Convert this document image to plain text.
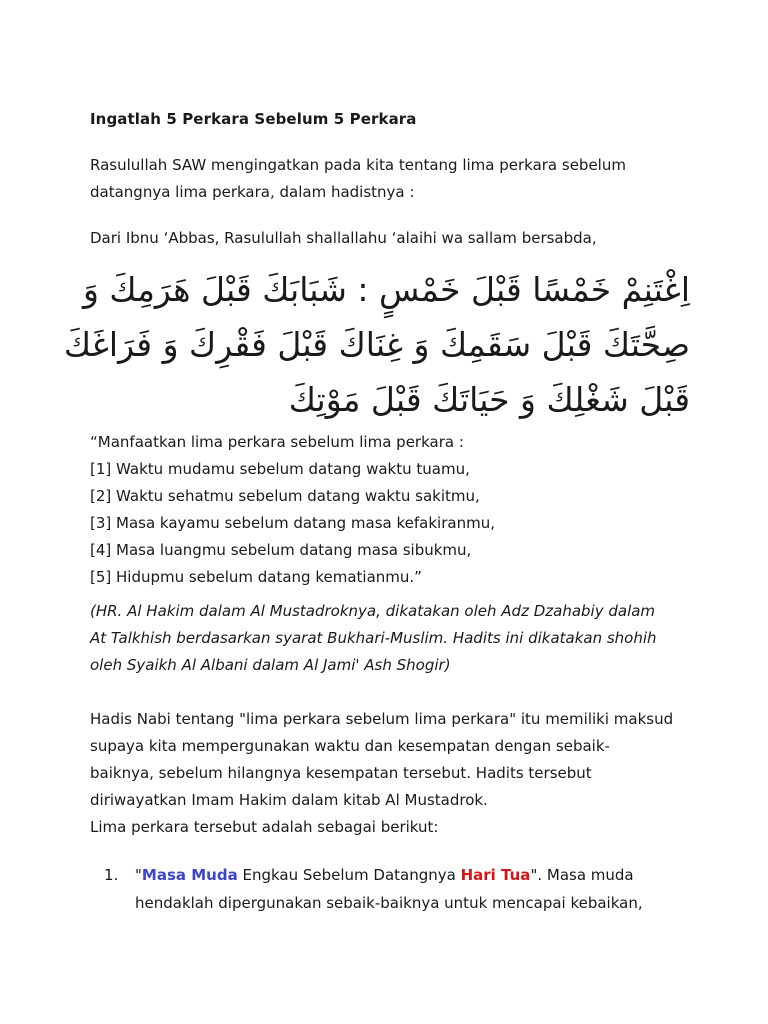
Ingatlah 5 Perkara Sebelum 5 Perkara
Rasulullah SAW mengingatkan pada kita tentang lima perkara sebelum
datangnya lima perkara, dalam hadistnya :
Dari Ibnu ‘Abbas, Rasulullah shallallahu ‘alaihi wa sallam bersabda,
اِغْتَنِمْ خَمْسًا قَبْلَ خَمْسٍ : شَبَابَكَ قَبْلَ هَرَمِكَ وَ
صِحَّتَكَ قَبْلَ سَقَمِكَ وَ غِنَاكَ قَبْلَ فَقْرِكَ وَ فَرَاغَكَ
قَبْلَ شَغْلِكَ وَ حَيَاتَكَ قَبْلَ مَوْتِكَ
“Manfaatkan lima perkara sebelum lima perkara :
[1] Waktu mudamu sebelum datang waktu tuamu,
[2] Waktu sehatmu sebelum datang waktu sakitmu,
[3] Masa kayamu sebelum datang masa kefakiranmu,
[4] Masa luangmu sebelum datang masa sibukmu,
[5] Hidupmu sebelum datang kematianmu.”
(HR. Al Hakim dalam Al Mustadroknya, dikatakan oleh Adz Dzahabiy dalam
At Talkhish berdasarkan syarat Bukhari-Muslim. Hadits ini dikatakan shohih
oleh Syaikh Al Albani dalam Al Jami' Ash Shogir)
Hadis Nabi tentang "lima perkara sebelum lima perkara" itu memiliki maksud
supaya kita mempergunakan waktu dan kesempatan dengan sebaik-
baiknya, sebelum hilangnya kesempatan tersebut. Hadits tersebut
diriwayatkan Imam Hakim dalam kitab Al Mustadrok.
Lima perkara tersebut adalah sebagai berikut:
1. "Masa Muda Engkau Sebelum Datangnya Hari Tua". Masa muda
hendaklah dipergunakan sebaik-baiknya untuk mencapai kebaikan,
